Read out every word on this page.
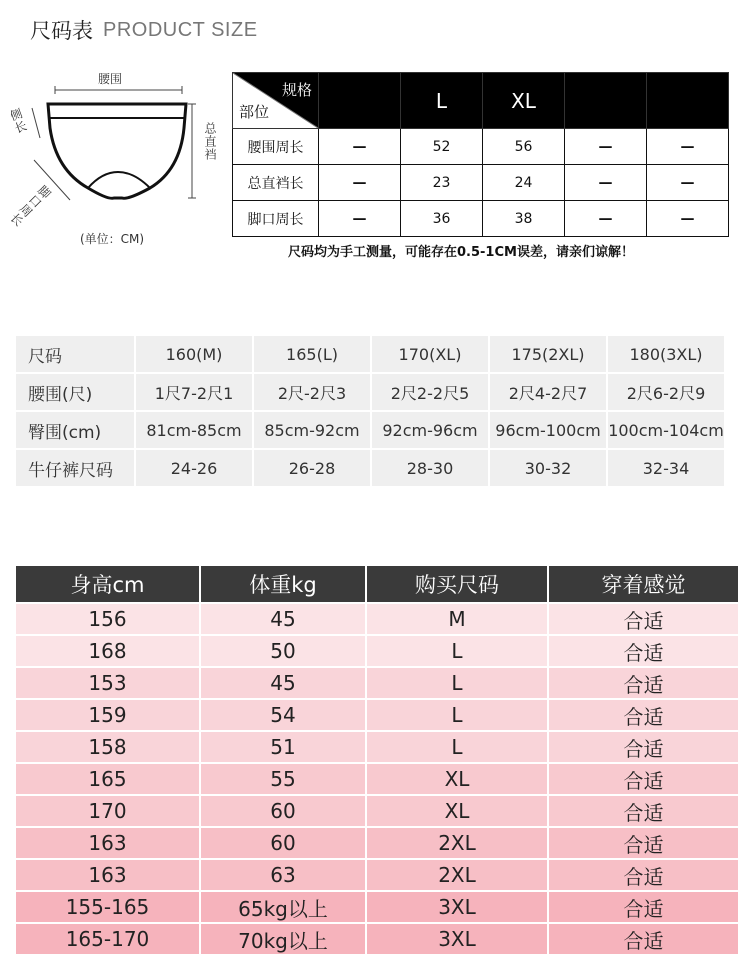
尺码表 PRODUCT SIZE
腰围
侧长
总直裆
脚口周长
(单位：CM)
规格
部位		L	XL		
腰围周长	—	52	56	—	—
总直裆长	—	23	24	—	—
脚口周长	—	36	38	—	—
尺码均为手工测量，可能存在0.5-1CM误差，请亲们谅解！
尺码	160(M)	165(L)	170(XL)	175(2XL)	180(3XL)
腰围(尺)	1尺7-2尺1	2尺-2尺3	2尺2-2尺5	2尺4-2尺7	2尺6-2尺9
臀围(cm)	81cm-85cm	85cm-92cm	92cm-96cm	96cm-100cm	100cm-104cm
牛仔裤尺码	24-26	26-28	28-30	30-32	32-34
身高cm	体重kg	购买尺码	穿着感觉
156	45	M	合适
168	50	L	合适
153	45	L	合适
159	54	L	合适
158	51	L	合适
165	55	XL	合适
170	60	XL	合适
163	60	2XL	合适
163	63	2XL	合适
155-165	65kg以上	3XL	合适
165-170	70kg以上	3XL	合适
